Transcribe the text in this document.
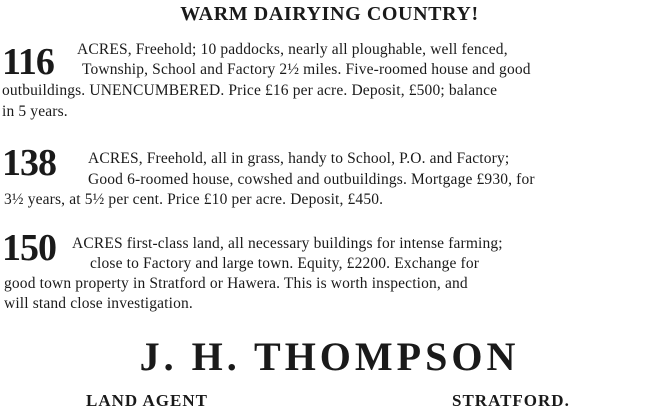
WARM DAIRYING COUNTRY!
116 ACRES, Freehold; 10 paddocks, nearly all ploughable, well fenced,
Township, School and Factory 2½ miles. Five-roomed house and good
outbuildings. UNENCUMBERED. Price £16 per acre. Deposit, £500; balance
in 5 years.
138 ACRES, Freehold, all in grass, handy to School, P.O. and Factory;
Good 6-roomed house, cowshed and outbuildings. Mortgage £930, for
3½ years, at 5½ per cent. Price £10 per acre. Deposit, £450.
150 ACRES first-class land, all necessary buildings for intense farming;
close to Factory and large town. Equity, £2200. Exchange for
good town property in Stratford or Hawera. This is worth inspection, and
will stand close investigation.
J. H. THOMPSON
LAND AGENT	STRATFORD.
